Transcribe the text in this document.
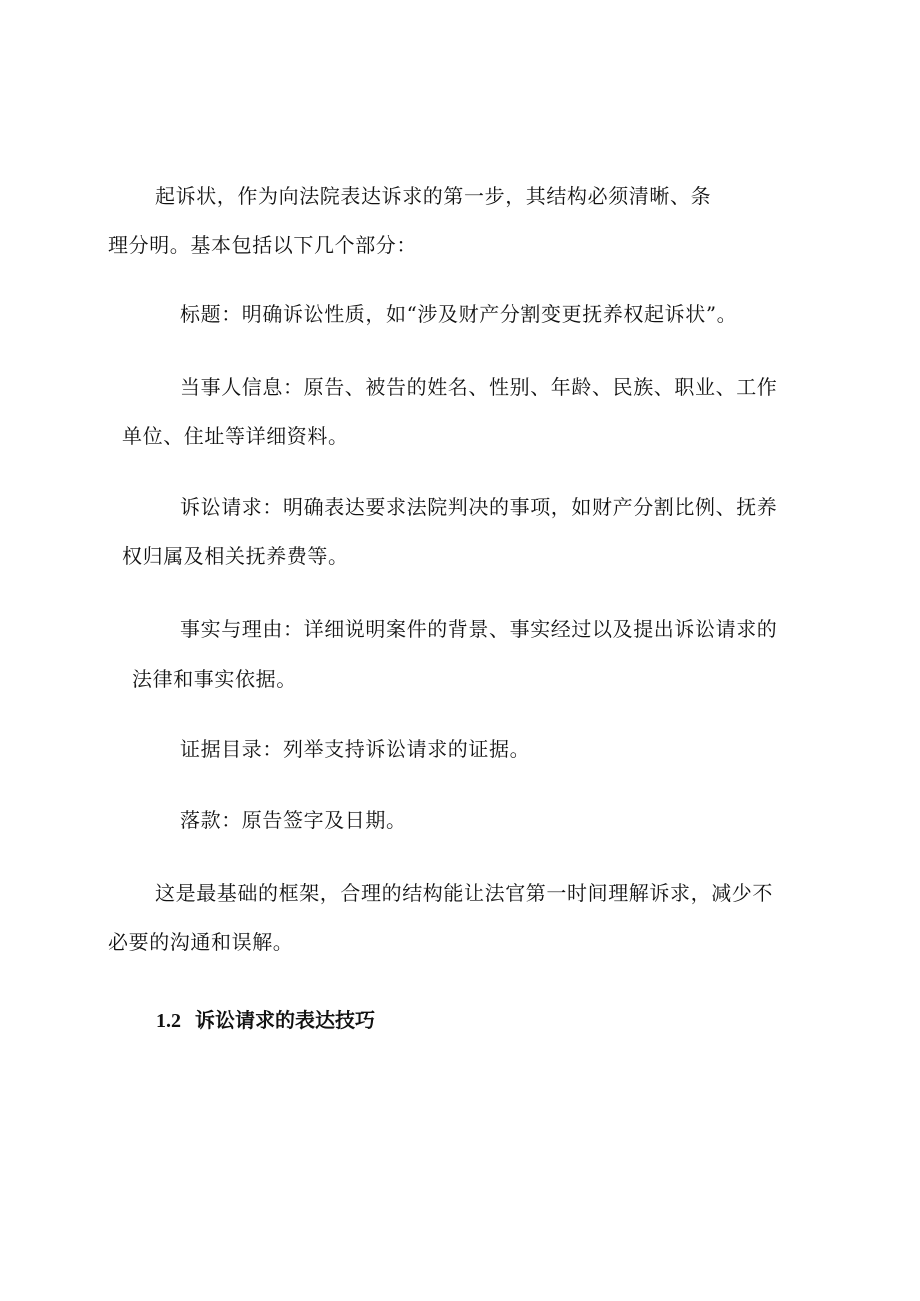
起诉状，作为向法院表达诉求的第一步，其结构必须清晰、条
理分明。基本包括以下几个部分：
标题：明确诉讼性质，如“涉及财产分割变更抚养权起诉状”。
当事人信息：原告、被告的姓名、性别、年龄、民族、职业、工作
单位、住址等详细资料。
诉讼请求：明确表达要求法院判决的事项，如财产分割比例、抚养
权归属及相关抚养费等。
事实与理由：详细说明案件的背景、事实经过以及提出诉讼请求的
法律和事实依据。
证据目录：列举支持诉讼请求的证据。
落款：原告签字及日期。
这是最基础的框架，合理的结构能让法官第一时间理解诉求，减少不
必要的沟通和误解。
1.2 诉讼请求的表达技巧
